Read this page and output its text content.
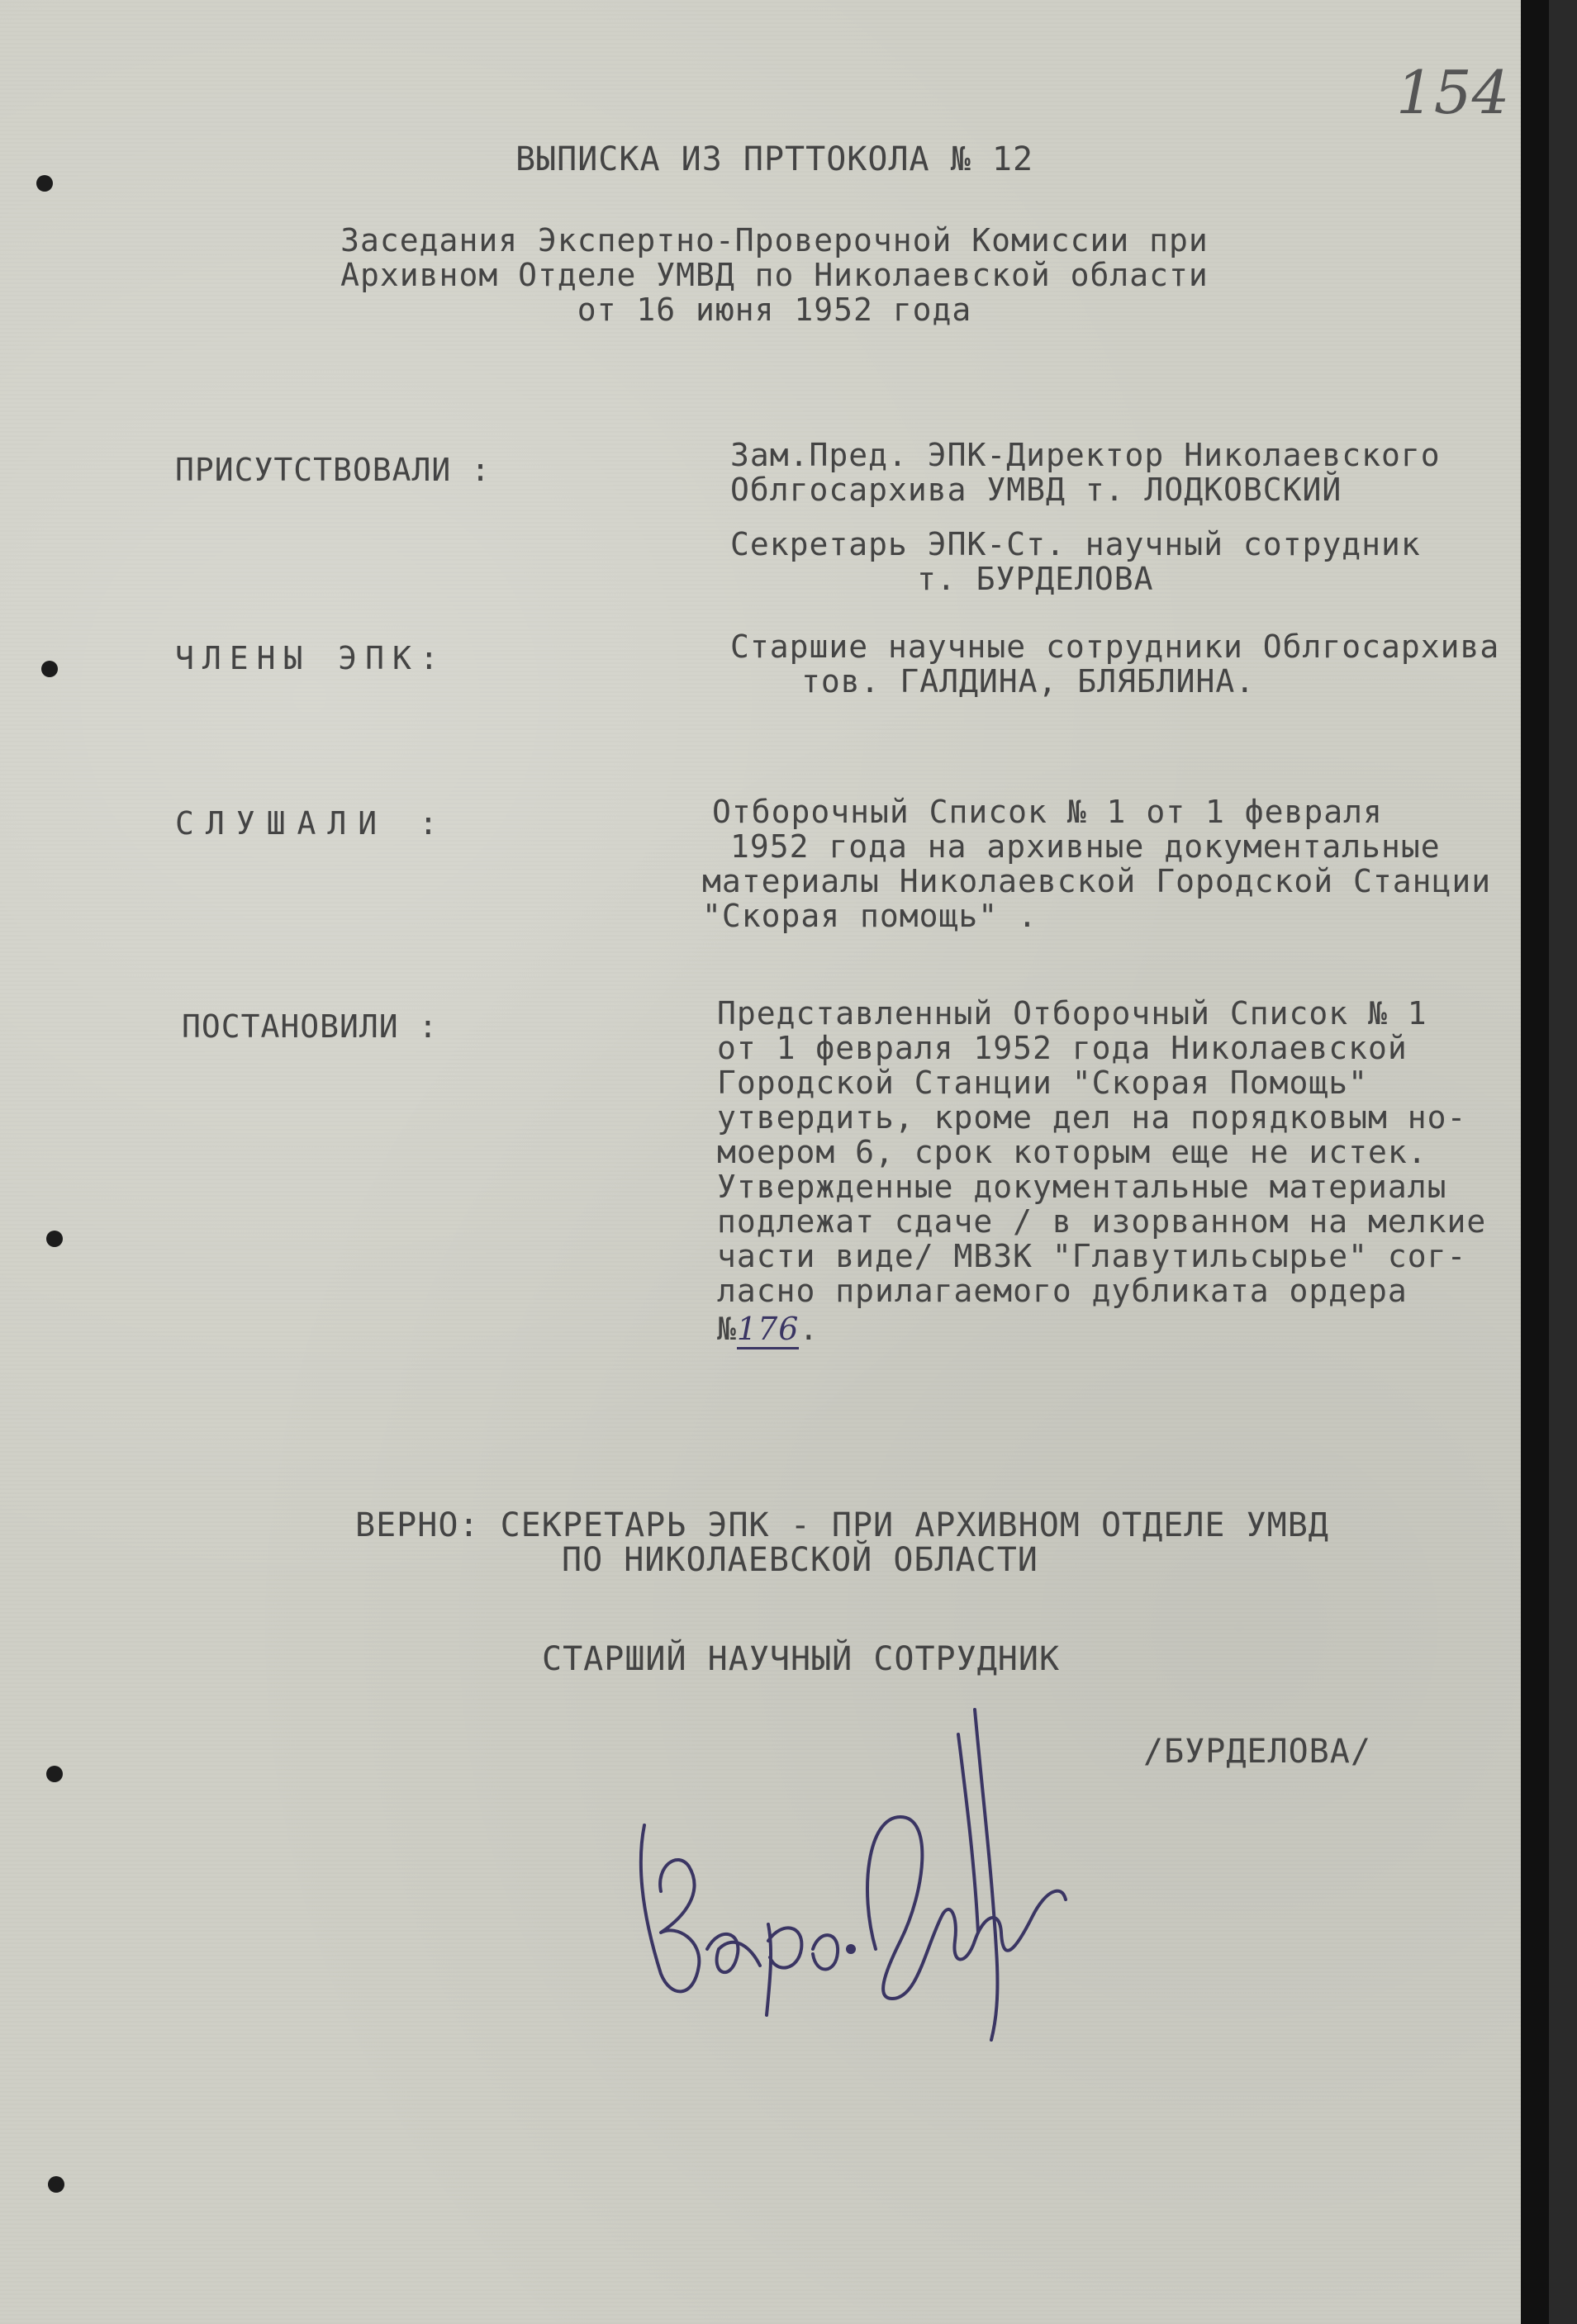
154
ВЫПИСКА ИЗ ПРТТОКОЛА № 12
Заседания Экспертно-Проверочной Комиссии при
Архивном Отделе УМВД по Николаевской области
от 16 июня 1952 года
ПРИСУТСТВОВАЛИ :	Зам.Пред. ЭПК-Директор Николаевского
Облгосархива УМВД т. ЛОДКОВСКИЙ
Секретарь ЭПК-Ст. научный сотрудник
т. БУРДЕЛОВА
ЧЛЕНЫ ЭПК:	Старшие научные сотрудники Облгосархива
тов. ГАЛДИНА, БЛЯБЛИНА.
СЛУШАЛИ :	Отборочный Список № 1 от 1 февраля
1952 года на архивные документальные
материалы Николаевской Городской Станции
"Скорая помощь" .
ПОСТАНОВИЛИ :	Представленный Отборочный Список № 1
от 1 февраля 1952 года Николаевской
Городской Станции "Скорая Помощь"
утвердить, кроме дел на порядковым но-
моером 6, срок которым еще не истек.
Утвержденные документальные материалы
подлежат сдаче / в изорванном на мелкие
части виде/ МВЗК "Главутильсырье" сог-
ласно прилагаемого дубликата ордера
№176.
ВЕРНО: СЕКРЕТАРЬ ЭПК - ПРИ АРХИВНОМ ОТДЕЛЕ УМВД
ПО НИКОЛАЕВСКОЙ ОБЛАСТИ
СТАРШИЙ НАУЧНЫЙ СОТРУДНИК
/БУРДЕЛОВА/
